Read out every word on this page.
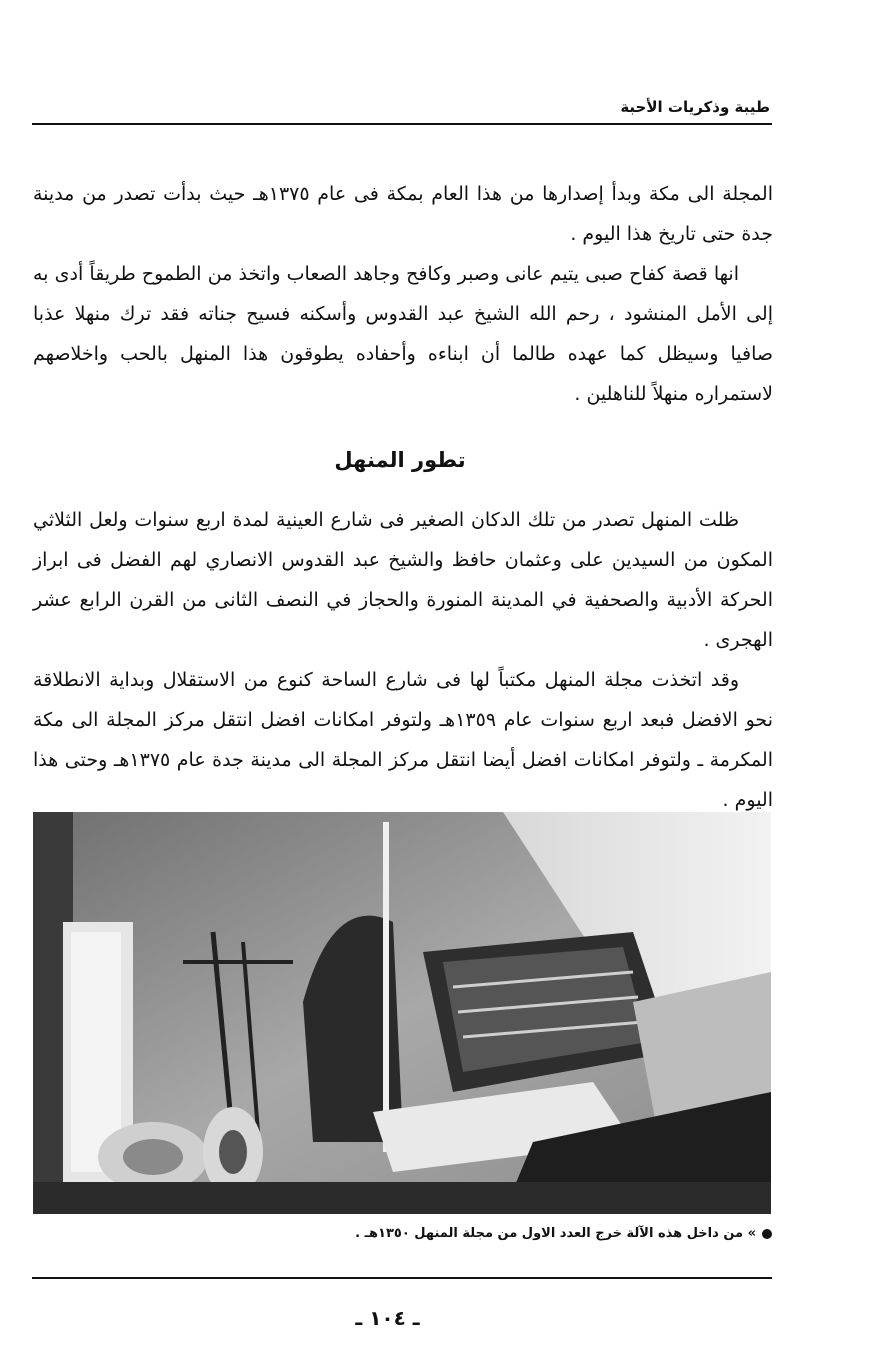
طيبة وذكريات الأحبة

المجلة الى مكة وبدأ إصدارها من هذا العام بمكة فى عام ١٣٧٥هـ حيث بدأت تصدر من مدينة جدة حتى تاريخ هذا اليوم .

انها قصة كفاح صبى يتيم عانى وصبر وكافح وجاهد الصعاب واتخذ من الطموح طريقاً أدى به إلى الأمل المنشود ، رحم الله الشيخ عبد القدوس وأسكنه فسيح جناته فقد ترك منهلا عذبا صافيا وسيظل كما عهده طالما أن ابناءه وأحفاده يطوقون هذا المنهل بالحب واخلاصهم لاستمراره منهلاً للناهلين .

تطور المنهل

ظلت المنهل تصدر من تلك الدكان الصغير فى شارع العينية لمدة اربع سنوات ولعل الثلاثي المكون من السيدين على وعثمان حافظ والشيخ عبد القدوس الانصاري لهم الفضل فى ابراز الحركة الأدبية والصحفية في المدينة المنورة والحجاز في النصف الثانى من القرن الرابع عشر الهجرى .

وقد اتخذت مجلة المنهل مكتباً لها فى شارع الساحة كنوع من الاستقلال وبداية الانطلاقة نحو الافضل فبعد اربع سنوات عام ١٣٥٩هـ ولتوفر امكانات افضل انتقل مركز المجلة الى مكة المكرمة ـ ولتوفر امكانات افضل أيضا انتقل مركز المجلة الى مدينة جدة عام ١٣٧٥هـ وحتى هذا اليوم .

» من داخل هذه الآلة خرج العدد الاول من مجلة المنهل ١٣٥٠هـ .
ـ ١٠٤ ـ
